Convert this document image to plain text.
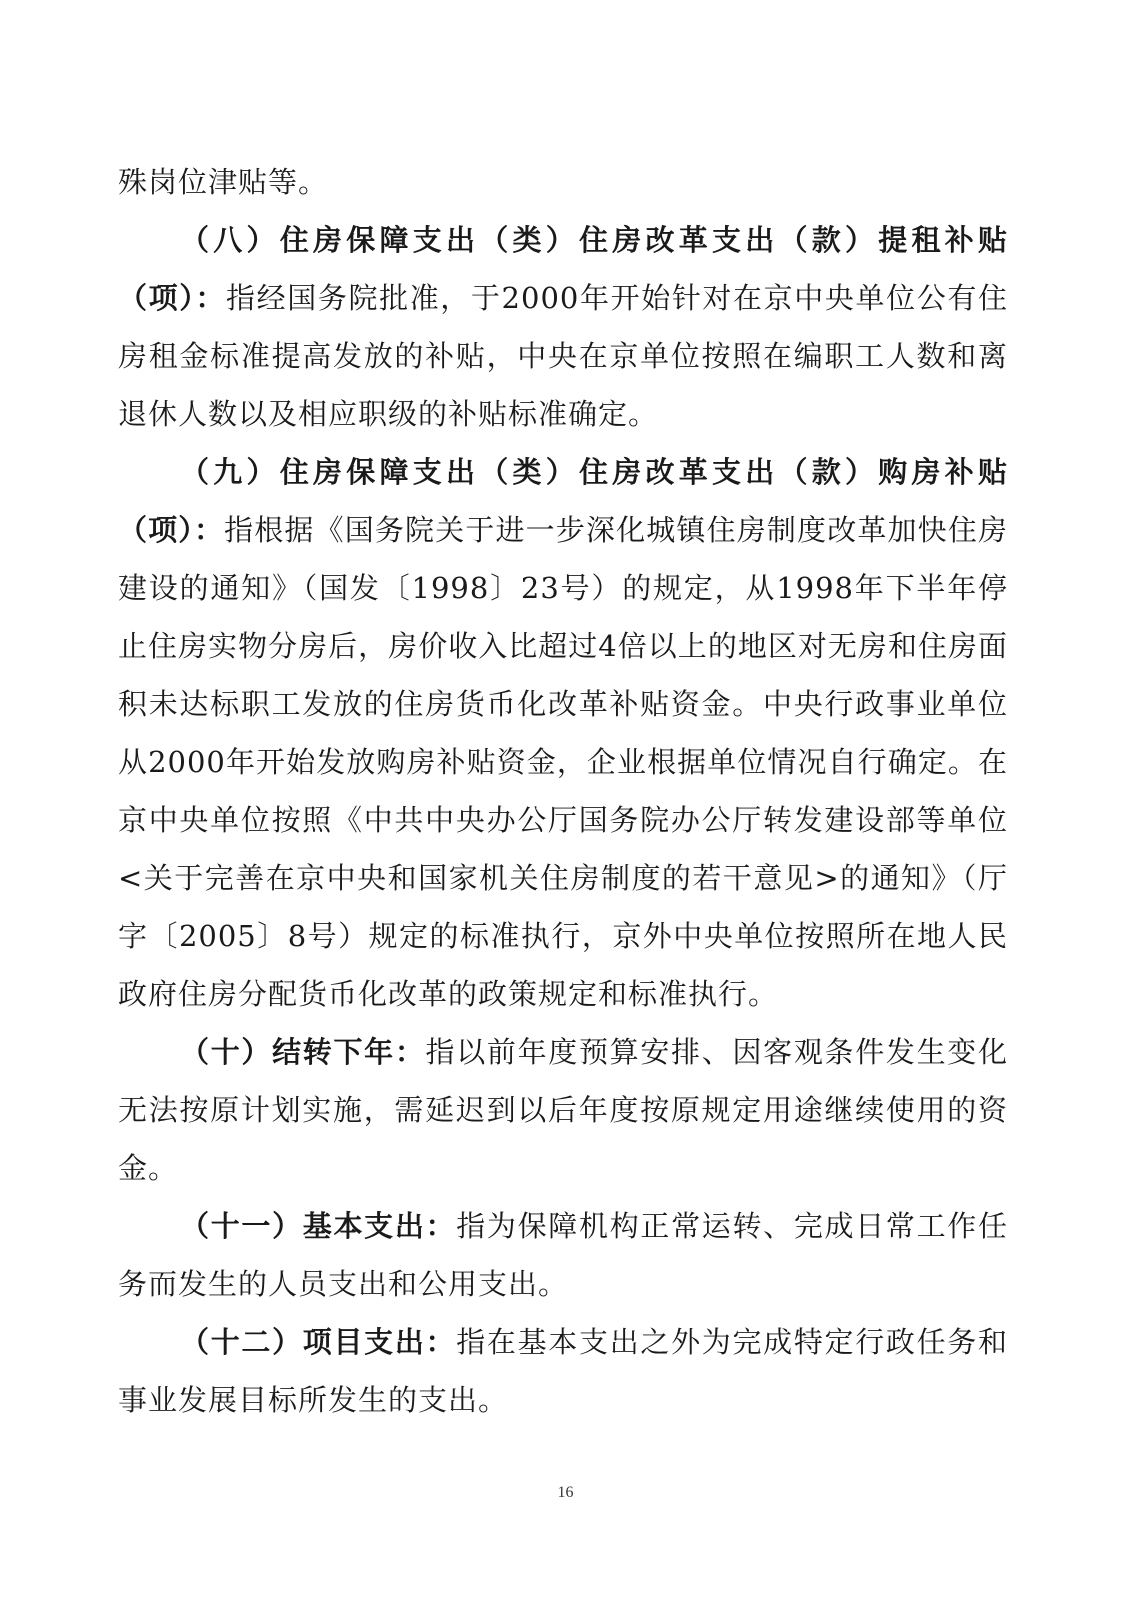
殊岗位津贴等。

（八）住房保障支出（类）住房改革支出（款）提租补贴（项）：指经国务院批准，于2000年开始针对在京中央单位公有住房租金标准提高发放的补贴，中央在京单位按照在编职工人数和离退休人数以及相应职级的补贴标准确定。

（九）住房保障支出（类）住房改革支出（款）购房补贴（项）：指根据《国务院关于进一步深化城镇住房制度改革加快住房建设的通知》（国发〔1998〕23号）的规定，从1998年下半年停止住房实物分房后，房价收入比超过4倍以上的地区对无房和住房面积未达标职工发放的住房货币化改革补贴资金。中央行政事业单位从2000年开始发放购房补贴资金，企业根据单位情况自行确定。在京中央单位按照《中共中央办公厅国务院办公厅转发建设部等单位<关于完善在京中央和国家机关住房制度的若干意见>的通知》（厅字〔2005〕8号）规定的标准执行，京外中央单位按照所在地人民政府住房分配货币化改革的政策规定和标准执行。

（十）结转下年：指以前年度预算安排、因客观条件发生变化无法按原计划实施，需延迟到以后年度按原规定用途继续使用的资金。

（十一）基本支出：指为保障机构正常运转、完成日常工作任务而发生的人员支出和公用支出。

（十二）项目支出：指在基本支出之外为完成特定行政任务和事业发展目标所发生的支出。

16
